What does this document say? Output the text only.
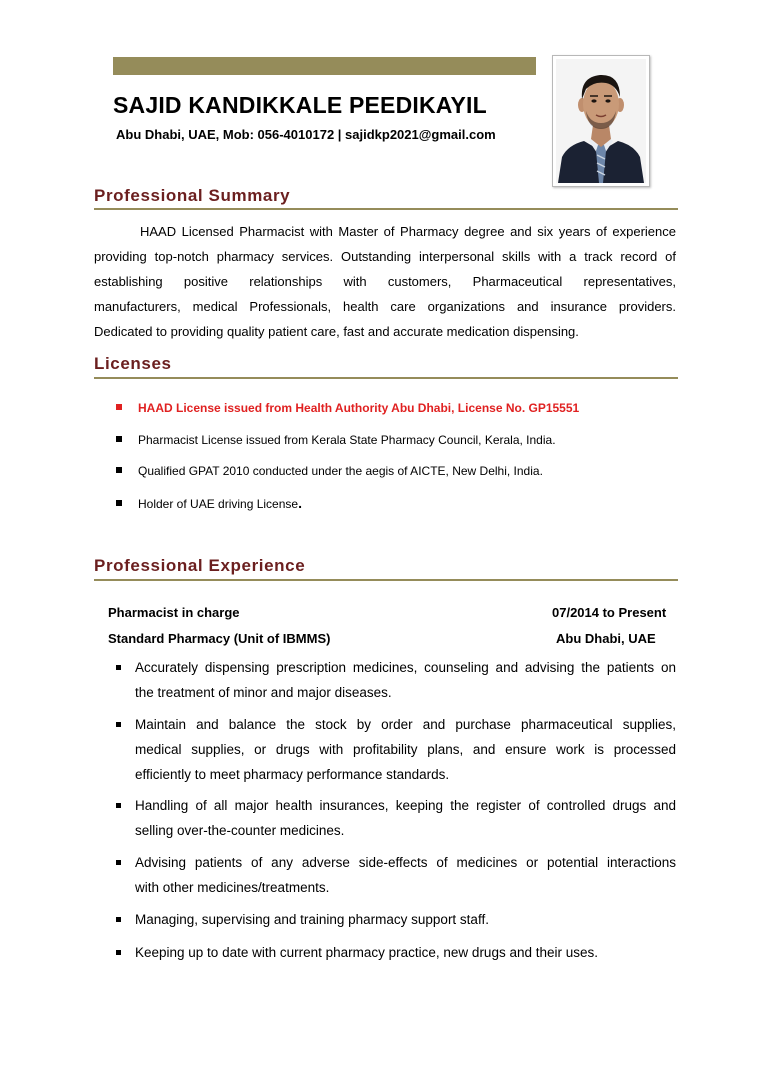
SAJID KANDIKKALE PEEDIKAYIL
Abu Dhabi, UAE, Mob: 056-4010172 | sajidkp2021@gmail.com
Professional Summary
HAAD Licensed Pharmacist with Master of Pharmacy degree and six years of experience
providing top-notch pharmacy services. Outstanding interpersonal skills with a track record of
establishing positive relationships with customers, Pharmaceutical representatives,
manufacturers, medical Professionals, health care organizations and insurance providers.
Dedicated to providing quality patient care, fast and accurate medication dispensing.
Licenses
HAAD License issued from Health Authority Abu Dhabi, License No. GP15551
Pharmacist License issued from Kerala State Pharmacy Council, Kerala, India.
Qualified GPAT 2010 conducted under the aegis of AICTE, New Delhi, India.
Holder of UAE driving License.
Professional Experience
Pharmacist in charge	07/2014 to Present
Standard Pharmacy (Unit of IBMMS)	Abu Dhabi, UAE
Accurately dispensing prescription medicines, counseling and advising the patients on
the treatment of minor and major diseases.
Maintain and balance the stock by order and purchase pharmaceutical supplies,
medical supplies, or drugs with profitability plans, and ensure work is processed
efficiently to meet pharmacy performance standards.
Handling of all major health insurances, keeping the register of controlled drugs and
selling over-the-counter medicines.
Advising patients of any adverse side-effects of medicines or potential interactions
with other medicines/treatments.
Managing, supervising and training pharmacy support staff.
Keeping up to date with current pharmacy practice, new drugs and their uses.
